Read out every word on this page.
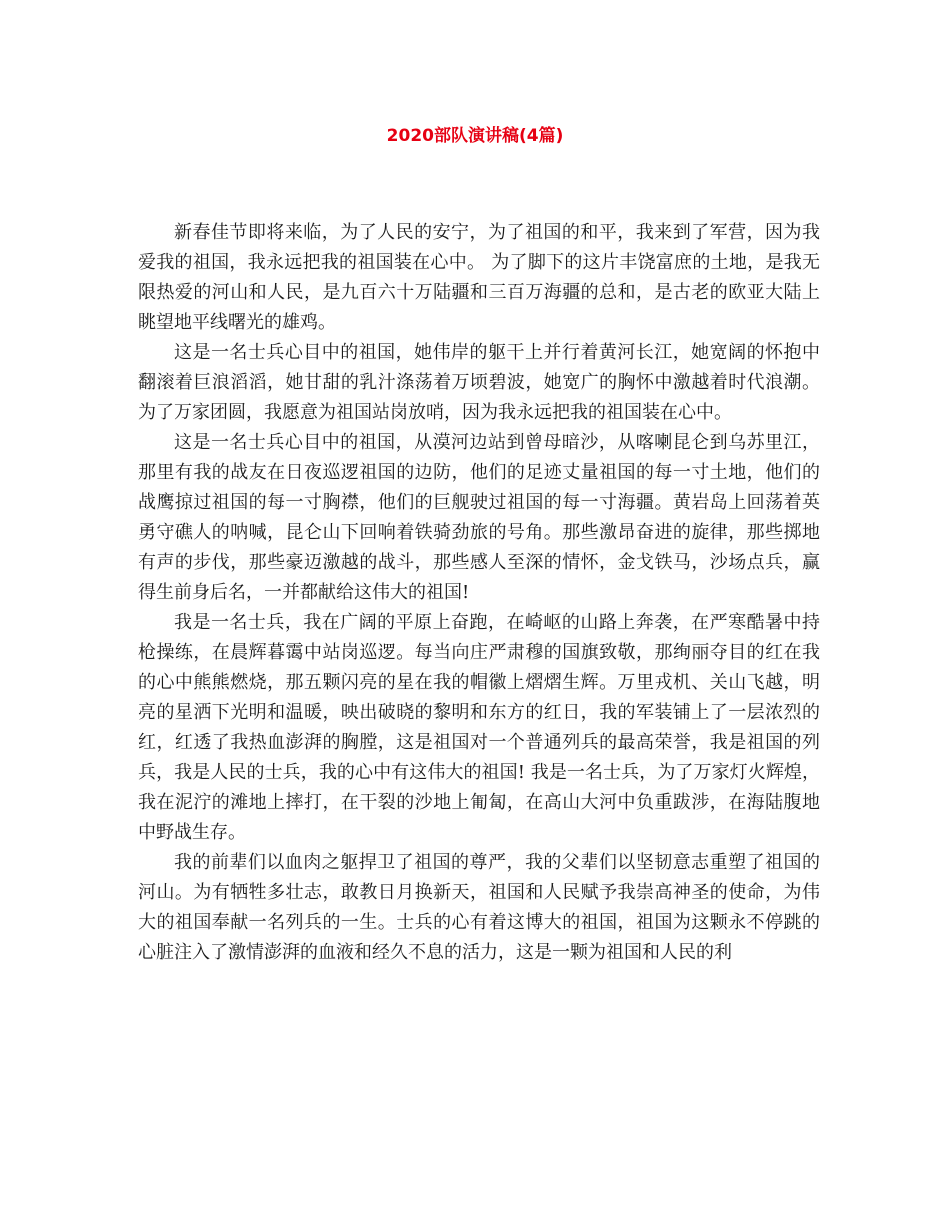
2020部队演讲稿(4篇)

新春佳节即将来临，为了人民的安宁，为了祖国的和平，我来到了军营，因为我爱我的祖国，我永远把我的祖国装在心中。 为了脚下的这片丰饶富庶的土地，是我无限热爱的河山和人民，是九百六十万陆疆和三百万海疆的总和，是古老的欧亚大陆上眺望地平线曙光的雄鸡。

这是一名士兵心目中的祖国，她伟岸的躯干上并行着黄河长江，她宽阔的怀抱中翻滚着巨浪滔滔，她甘甜的乳汁涤荡着万顷碧波，她宽广的胸怀中激越着时代浪潮。 为了万家团圆，我愿意为祖国站岗放哨，因为我永远把我的祖国装在心中。

这是一名士兵心目中的祖国，从漠河边站到曾母暗沙，从喀喇昆仑到乌苏里江，那里有我的战友在日夜巡逻祖国的边防，他们的足迹丈量祖国的每一寸土地，他们的战鹰掠过祖国的每一寸胸襟，他们的巨舰驶过祖国的每一寸海疆。黄岩岛上回荡着英勇守礁人的呐喊，昆仑山下回响着铁骑劲旅的号角。那些激昂奋进的旋律，那些掷地有声的步伐，那些豪迈激越的战斗，那些感人至深的情怀，金戈铁马，沙场点兵，赢得生前身后名，一并都献给这伟大的祖国!

我是一名士兵，我在广阔的平原上奋跑，在崎岖的山路上奔袭，在严寒酷暑中持枪操练，在晨辉暮霭中站岗巡逻。每当向庄严肃穆的国旗致敬，那绚丽夺目的红在我的心中熊熊燃烧，那五颗闪亮的星在我的帽徽上熠熠生辉。万里戎机、关山飞越，明亮的星洒下光明和温暖，映出破晓的黎明和东方的红日，我的军装铺上了一层浓烈的红，红透了我热血澎湃的胸膛，这是祖国对一个普通列兵的最高荣誉，我是祖国的列兵，我是人民的士兵，我的心中有这伟大的祖国! 我是一名士兵，为了万家灯火辉煌，我在泥泞的滩地上摔打，在干裂的沙地上匍匐，在高山大河中负重跋涉，在海陆腹地中野战生存。

我的前辈们以血肉之躯捍卫了祖国的尊严，我的父辈们以坚韧意志重塑了祖国的河山。为有牺牲多壮志，敢教日月换新天，祖国和人民赋予我崇高神圣的使命，为伟大的祖国奉献一名列兵的一生。士兵的心有着这博大的祖国，祖国为这颗永不停跳的心脏注入了激情澎湃的血液和经久不息的活力，这是一颗为祖国和人民的利
